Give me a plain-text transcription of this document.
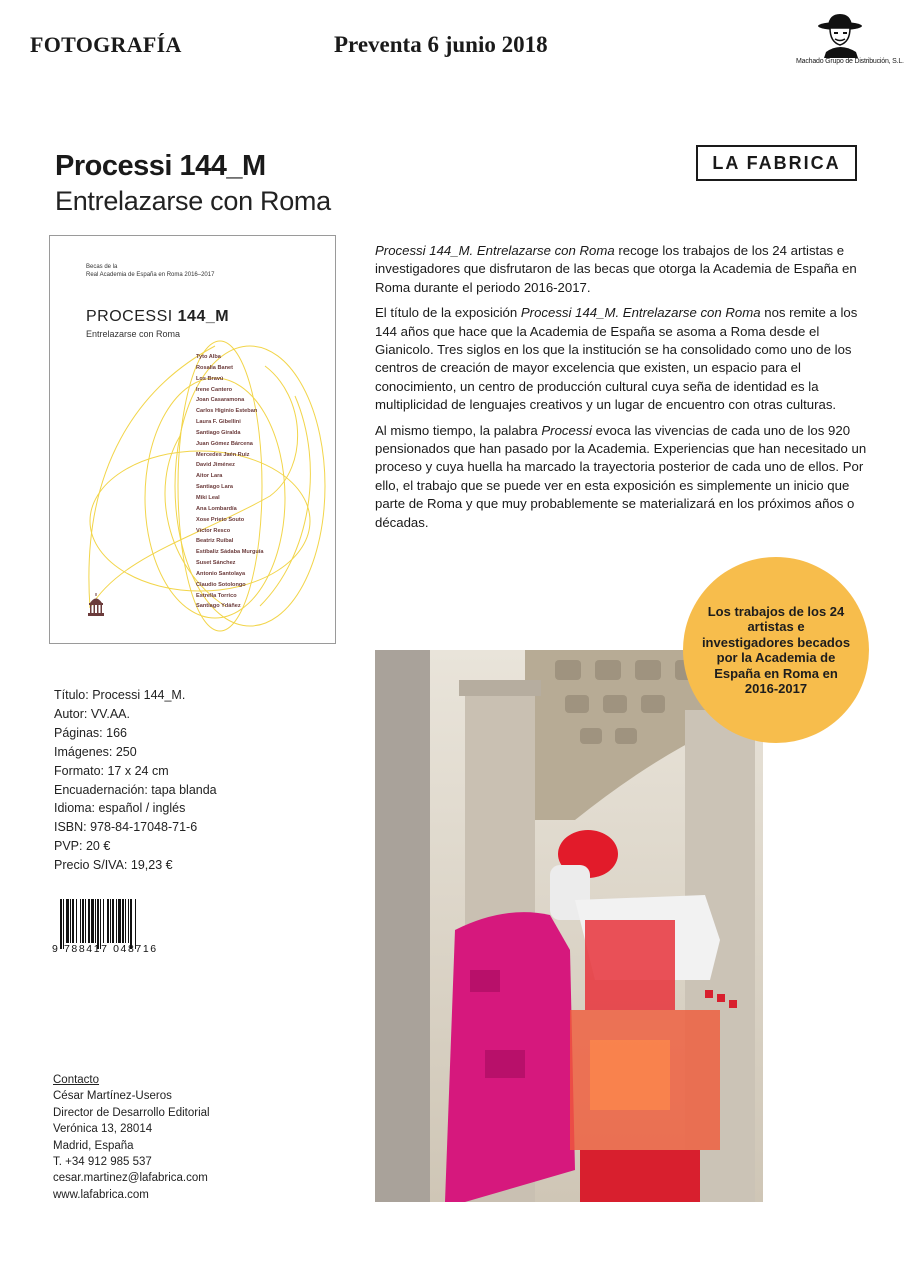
FOTOGRAFÍA	Preventa 6 junio 2018
Machado Grupo de Distribución, S.L.
Processi 144_M
Entrelazarse con Roma
LA FABRICA
Becas de la
Real Academia de España en Roma 2016–2017
PROCESSI 144_M
Entrelazarse con Roma
Tyto Alba
Rosalia Banet
Los Bravú
Irene Cantero
Joan Casaramona
Carlos Higinio Esteban
Laura F. Gibellini
Santiago Giralda
Juan Gómez Bárcena
Mercedes Jaén Ruiz
David Jiménez
Aitor Lara
Santiago Lara
Miki Leal
Ana Lombardía
Xose Prieto Souto
Víctor Resco
Beatriz Ruibal
Estíbaliz Sádaba Murguía
Suset Sánchez
Antonio Santolaya
Claudio Sotolongo
Estrella Torrico
Santiago Ydáñez

Processi 144_M. Entrelazarse con Roma recoge los trabajos de los 24 artistas e investigadores que disfrutaron de las becas que otorga la Academia de España en Roma durante el periodo 2016-2017.

El título de la exposición Processi 144_M. Entrelazarse con Roma nos remite a los 144 años que hace que la Academia de España se asoma a Roma desde el Gianicolo. Tres siglos en los que la institución se ha consolidado como uno de los centros de creación de mayor excelencia que existen, un espacio para el conocimiento, un centro de producción cultural cuya seña de identidad es la multiplicidad de lenguajes creativos y un lugar de encuentro con otras culturas.

Al mismo tiempo, la palabra Processi evoca las vivencias de cada uno de los 920 pensionados que han pasado por la Academia. Experiencias que han necesitado un proceso y cuya huella ha marcado la trayectoria posterior de cada uno de ellos. Por ello, el trabajo que se puede ver en esta exposición es simplemente un inicio que parte de Roma y que muy probablemente se materializará en los próximos años o décadas.

Título: Processi 144_M.
Autor: VV.AA.
Páginas: 166
Imágenes: 250
Formato: 17 x 24 cm
Encuadernación: tapa blanda
Idioma: español / inglés
ISBN: 978-84-17048-71-6
PVP: 20 €
Precio S/IVA: 19,23 €
9 788417 048716
Contacto
César Martínez-Useros
Director de Desarrollo Editorial
Verónica 13, 28014
Madrid, España
T. +34 912 985 537
cesar.martinez@lafabrica.com
www.lafabrica.com
Los trabajos de los 24 artistas e investigadores becados por la Academia de España en Roma en 2016-2017
